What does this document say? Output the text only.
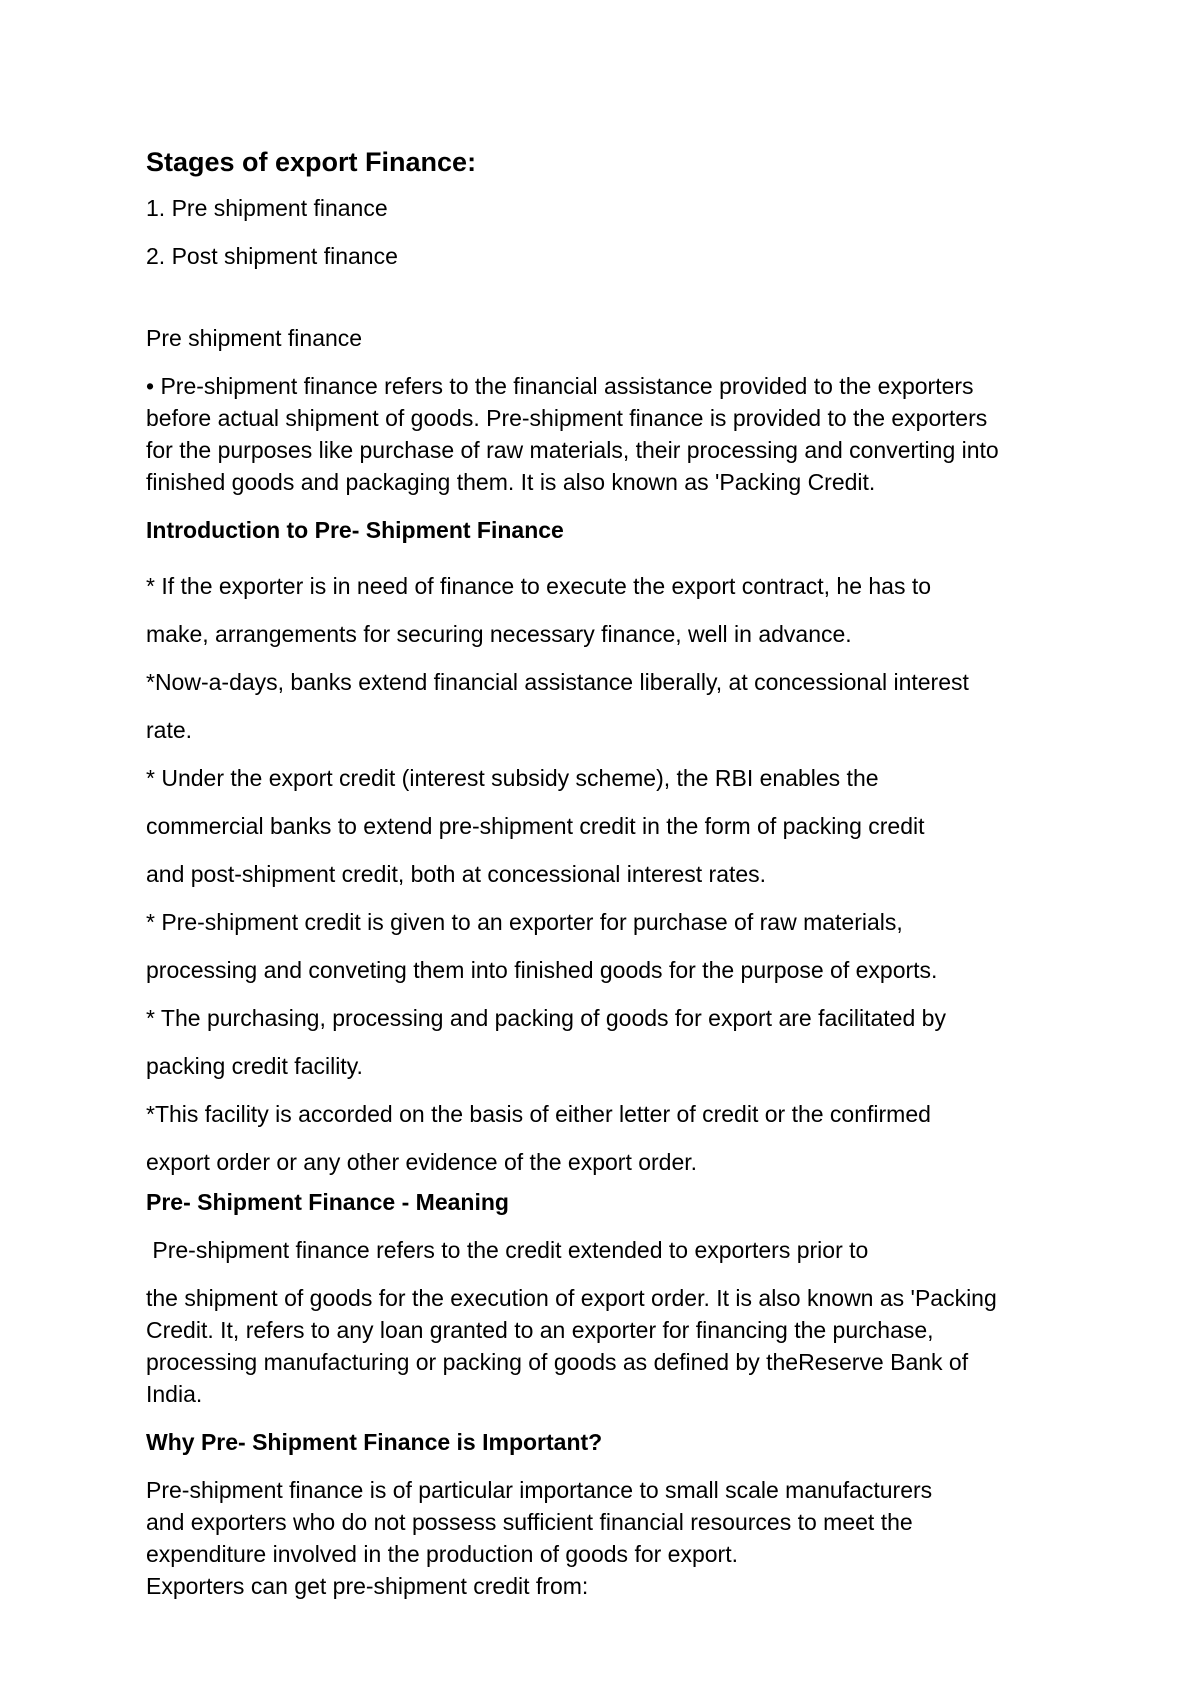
Stages of export Finance:
1. Pre shipment finance
2. Post shipment finance
Pre shipment finance
• Pre-shipment finance refers to the financial assistance provided to the exporters
before actual shipment of goods. Pre-shipment finance is provided to the exporters
for the purposes like purchase of raw materials, their processing and converting into
finished goods and packaging them. It is also known as 'Packing Credit.
Introduction to Pre- Shipment Finance
* If the exporter is in need of finance to execute the export contract, he has to
make, arrangements for securing necessary finance, well in advance.
*Now-a-days, banks extend financial assistance liberally, at concessional interest
rate.
* Under the export credit (interest subsidy scheme), the RBI enables the
commercial banks to extend pre-shipment credit in the form of packing credit
and post-shipment credit, both at concessional interest rates.
* Pre-shipment credit is given to an exporter for purchase of raw materials,
processing and conveting them into finished goods for the purpose of exports.
* The purchasing, processing and packing of goods for export are facilitated by
packing credit facility.
*This facility is accorded on the basis of either letter of credit or the confirmed
export order or any other evidence of the export order.
Pre- Shipment Finance - Meaning
Pre-shipment finance refers to the credit extended to exporters prior to
the shipment of goods for the execution of export order. It is also known as 'Packing
Credit. It, refers to any loan granted to an exporter for financing the purchase,
processing manufacturing or packing of goods as defined by theReserve Bank of
India.
Why Pre- Shipment Finance is Important?
Pre-shipment finance is of particular importance to small scale manufacturers
and exporters who do not possess sufficient financial resources to meet the
expenditure involved in the production of goods for export.
Exporters can get pre-shipment credit from:
